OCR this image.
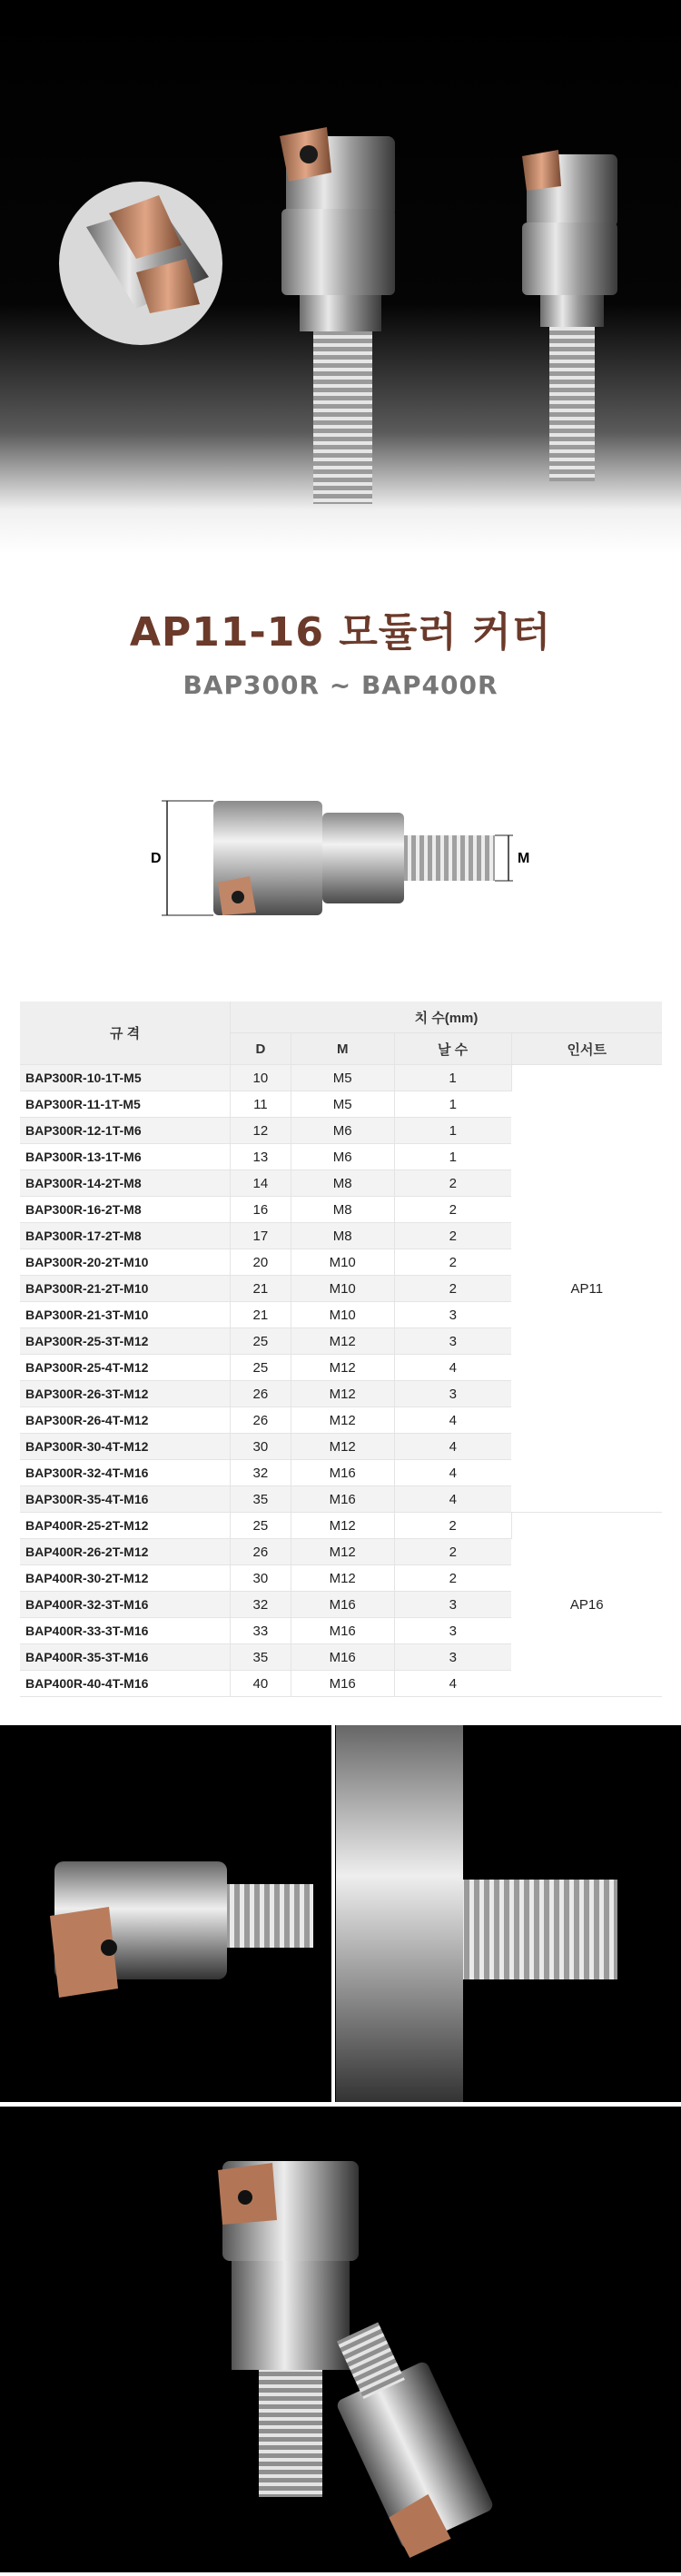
AP11-16 모듈러 커터
BAP300R ~ BAP400R
D	M
규 격	치 수(mm)			
	D	M	날 수	인서트
BAP300R-10-1T-M5	10	M5	1	AP11
BAP300R-11-1T-M5	11	M5	1	
BAP300R-12-1T-M6	12	M6	1	
BAP300R-13-1T-M6	13	M6	1	
BAP300R-14-2T-M8	14	M8	2	
BAP300R-16-2T-M8	16	M8	2	
BAP300R-17-2T-M8	17	M8	2	
BAP300R-20-2T-M10	20	M10	2	
BAP300R-21-2T-M10	21	M10	2	
BAP300R-21-3T-M10	21	M10	3	
BAP300R-25-3T-M12	25	M12	3	
BAP300R-25-4T-M12	25	M12	4	
BAP300R-26-3T-M12	26	M12	3	
BAP300R-26-4T-M12	26	M12	4	
BAP300R-30-4T-M12	30	M12	4	
BAP300R-32-4T-M16	32	M16	4	
BAP300R-35-4T-M16	35	M16	4	
BAP400R-25-2T-M12	25	M12	2	AP16
BAP400R-26-2T-M12	26	M12	2	
BAP400R-30-2T-M12	30	M12	2	
BAP400R-32-3T-M16	32	M16	3	
BAP400R-33-3T-M16	33	M16	3	
BAP400R-35-3T-M16	35	M16	3	
BAP400R-40-4T-M16	40	M16	4	
